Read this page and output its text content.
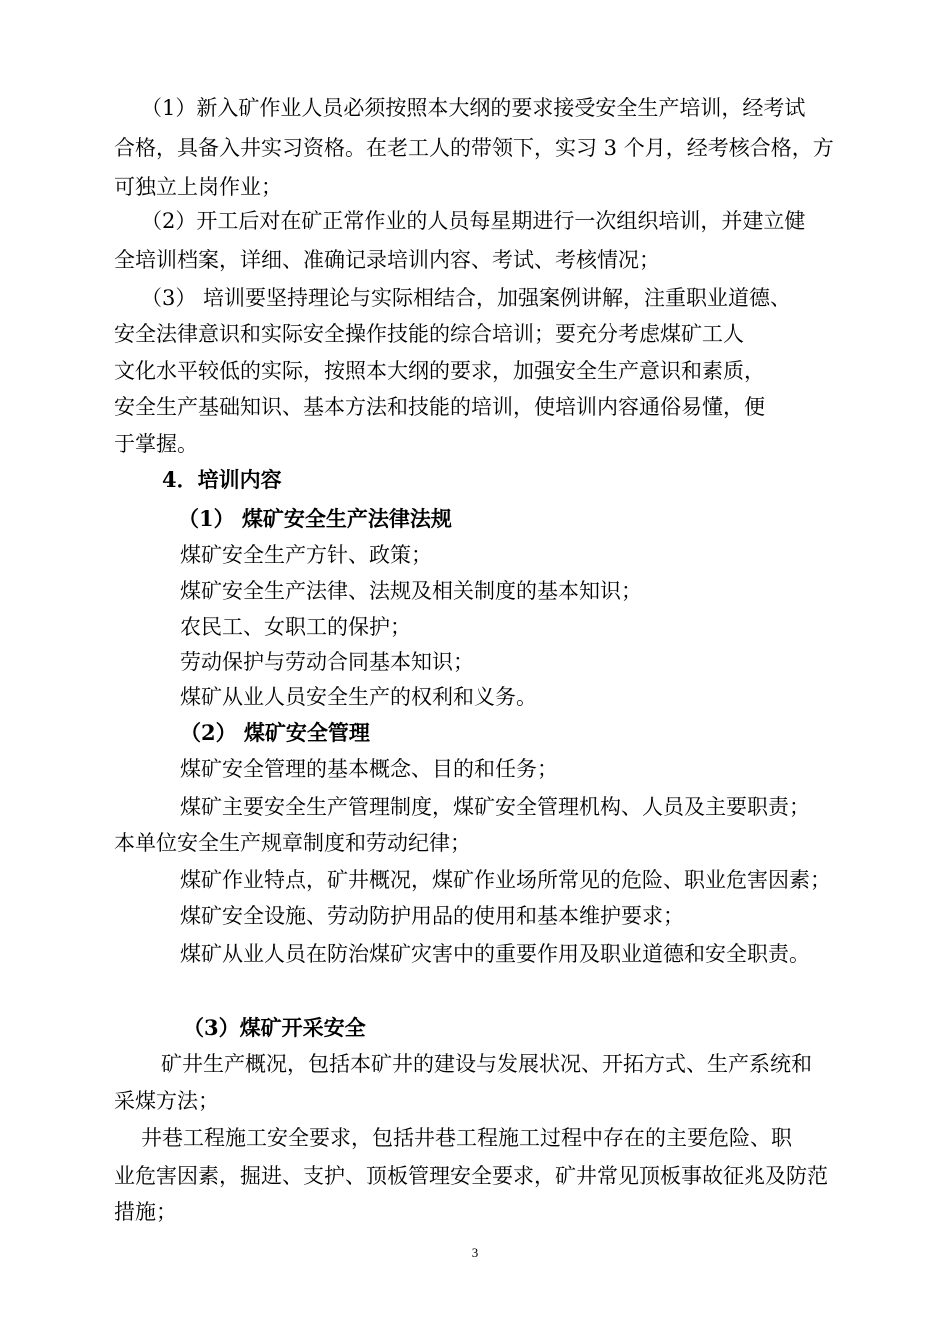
（1）新入矿作业人员必须按照本大纲的要求接受安全生产培训，经考试
合格，具备入井实习资格。在老工人的带领下，实习 3 个月，经考核合格，方
可独立上岗作业；
（2）开工后对在矿正常作业的人员每星期进行一次组织培训，并建立健
全培训档案，详细、准确记录培训内容、考试、考核情况；
（3） 培训要坚持理论与实际相结合，加强案例讲解，注重职业道德、
安全法律意识和实际安全操作技能的综合培训；要充分考虑煤矿工人
文化水平较低的实际，按照本大纲的要求，加强安全生产意识和素质，
安全生产基础知识、基本方法和技能的培训，使培训内容通俗易懂，便
于掌握。
4．培训内容
（1） 煤矿安全生产法律法规
煤矿安全生产方针、政策；
煤矿安全生产法律、法规及相关制度的基本知识；
农民工、女职工的保护；
劳动保护与劳动合同基本知识；
煤矿从业人员安全生产的权利和义务。
（2） 煤矿安全管理
煤矿安全管理的基本概念、目的和任务；
煤矿主要安全生产管理制度，煤矿安全管理机构、人员及主要职责；
本单位安全生产规章制度和劳动纪律；
煤矿作业特点，矿井概况，煤矿作业场所常见的危险、职业危害因素；
煤矿安全设施、劳动防护用品的使用和基本维护要求；
煤矿从业人员在防治煤矿灾害中的重要作用及职业道德和安全职责。
（3）煤矿开采安全
矿井生产概况，包括本矿井的建设与发展状况、开拓方式、生产系统和
采煤方法；
井巷工程施工安全要求，包括井巷工程施工过程中存在的主要危险、职
业危害因素，掘进、支护、顶板管理安全要求，矿井常见顶板事故征兆及防范
措施；
3
